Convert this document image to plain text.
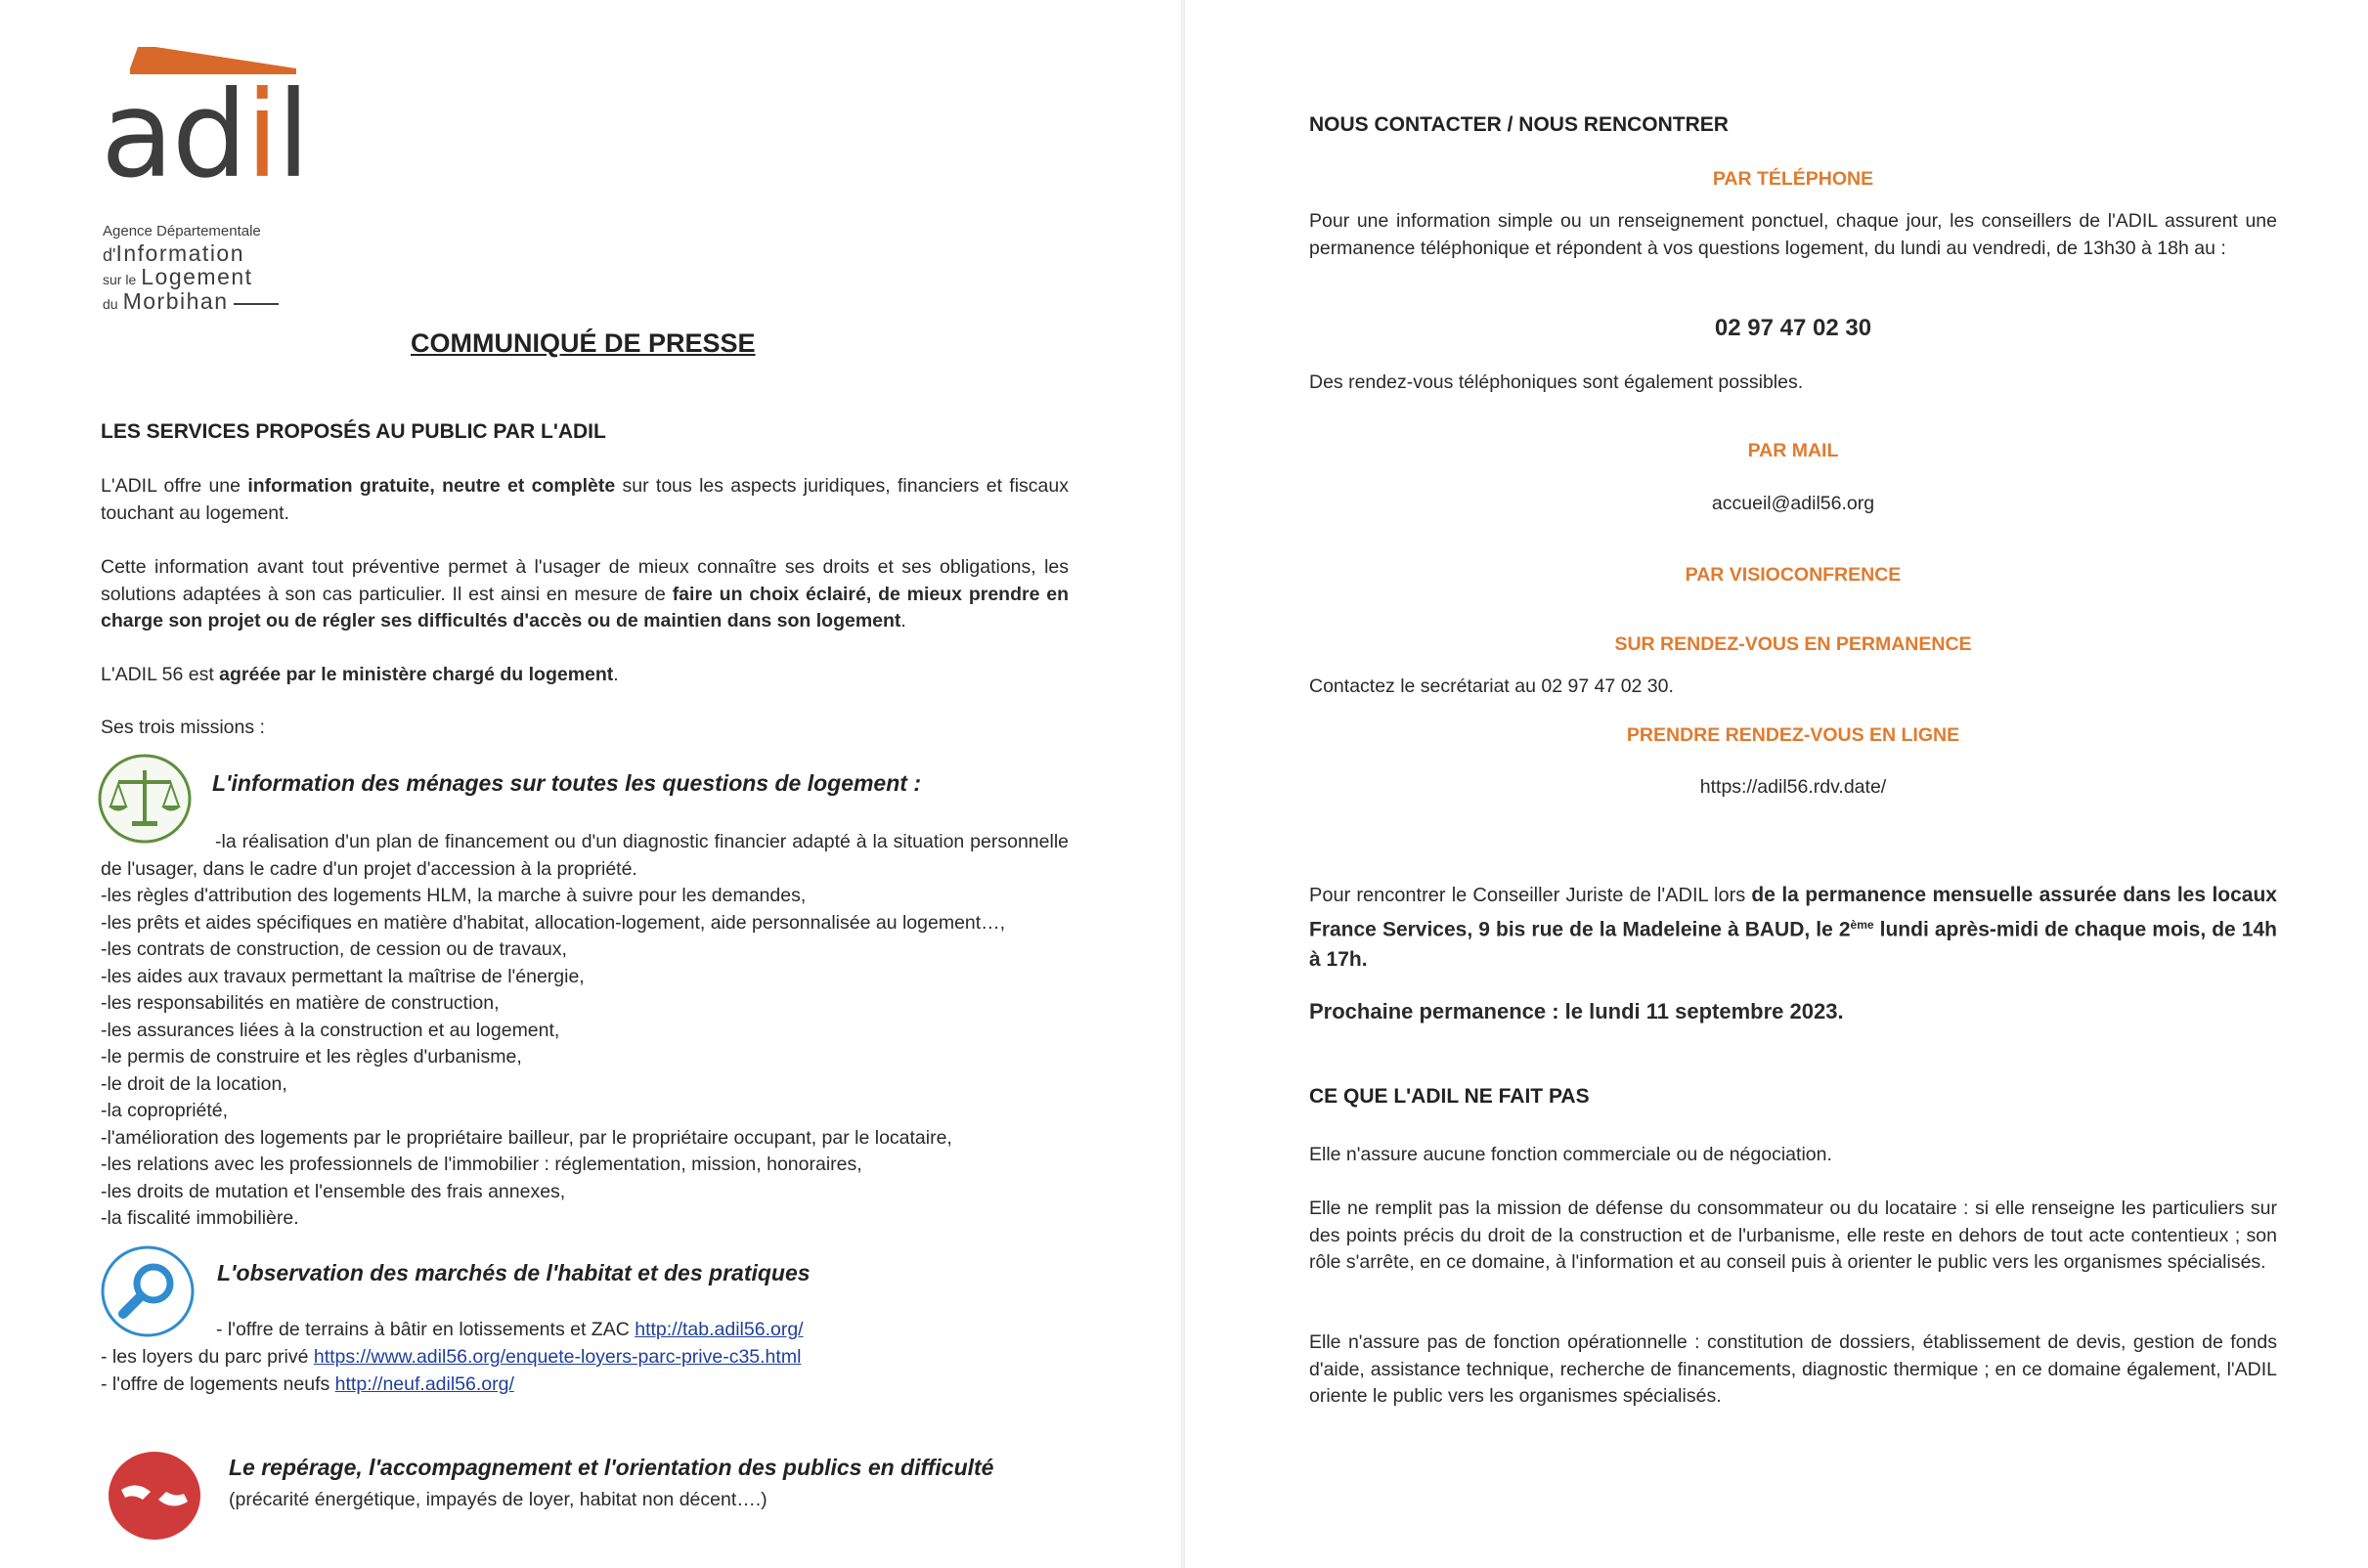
adil
Agence Départementale
d'Information
sur le Logement
du Morbihan
COMMUNIQUÉ DE PRESSE
LES SERVICES PROPOSÉS AU PUBLIC PAR L'ADIL
L'ADIL offre une information gratuite, neutre et complète sur tous les aspects juridiques, financiers et fiscaux touchant au logement.
Cette information avant tout préventive permet à l'usager de mieux connaître ses droits et ses obligations, les solutions adaptées à son cas particulier. Il est ainsi en mesure de faire un choix éclairé, de mieux prendre en charge son projet ou de régler ses difficultés d'accès ou de maintien dans son logement.
L'ADIL 56 est agréée par le ministère chargé du logement.
Ses trois missions :
L'information des ménages sur toutes les questions de logement :
-la réalisation d'un plan de financement ou d'un diagnostic financier adapté à la situation personnelle de l'usager, dans le cadre d'un projet d'accession à la propriété.
-les règles d'attribution des logements HLM, la marche à suivre pour les demandes,
-les prêts et aides spécifiques en matière d'habitat, allocation-logement, aide personnalisée au logement…,
-les contrats de construction, de cession ou de travaux,
-les aides aux travaux permettant la maîtrise de l'énergie,
-les responsabilités en matière de construction,
-les assurances liées à la construction et au logement,
-le permis de construire et les règles d'urbanisme,
-le droit de la location,
-la copropriété,
-l'amélioration des logements par le propriétaire bailleur, par le propriétaire occupant, par le locataire,
-les relations avec les professionnels de l'immobilier : réglementation, mission, honoraires,
-les droits de mutation et l'ensemble des frais annexes,
-la fiscalité immobilière.
L'observation des marchés de l'habitat et des pratiques
- l'offre de terrains à bâtir en lotissements et ZAC http://tab.adil56.org/
- les loyers du parc privé https://www.adil56.org/enquete-loyers-parc-prive-c35.html
- l'offre de logements neufs http://neuf.adil56.org/
Le repérage, l'accompagnement et l'orientation des publics en difficulté
(précarité énergétique, impayés de loyer, habitat non décent….)
NOUS CONTACTER / NOUS RENCONTRER
PAR TÉLÉPHONE
Pour une information simple ou un renseignement ponctuel, chaque jour, les conseillers de l'ADIL assurent une permanence téléphonique et répondent à vos questions logement, du lundi au vendredi, de 13h30 à 18h au :
02 97 47 02 30
Des rendez-vous téléphoniques sont également possibles.
PAR MAIL
accueil@adil56.org
PAR VISIOCONFRENCE
SUR RENDEZ-VOUS EN PERMANENCE
Contactez le secrétariat au 02 97 47 02 30.
PRENDRE RENDEZ-VOUS EN LIGNE
https://adil56.rdv.date/
Pour rencontrer le Conseiller Juriste de l'ADIL lors de la permanence mensuelle assurée dans les locaux France Services, 9 bis rue de la Madeleine à BAUD, le 2ème lundi après-midi de chaque mois, de 14h à 17h.
Prochaine permanence : le lundi 11 septembre 2023.
CE QUE L'ADIL NE FAIT PAS
Elle n'assure aucune fonction commerciale ou de négociation.
Elle ne remplit pas la mission de défense du consommateur ou du locataire : si elle renseigne les particuliers sur des points précis du droit de la construction et de l'urbanisme, elle reste en dehors de tout acte contentieux ; son rôle s'arrête, en ce domaine, à l'information et au conseil puis à orienter le public vers les organismes spécialisés.
Elle n'assure pas de fonction opérationnelle : constitution de dossiers, établissement de devis, gestion de fonds d'aide, assistance technique, recherche de financements, diagnostic thermique ; en ce domaine également, l'ADIL oriente le public vers les organismes spécialisés.
